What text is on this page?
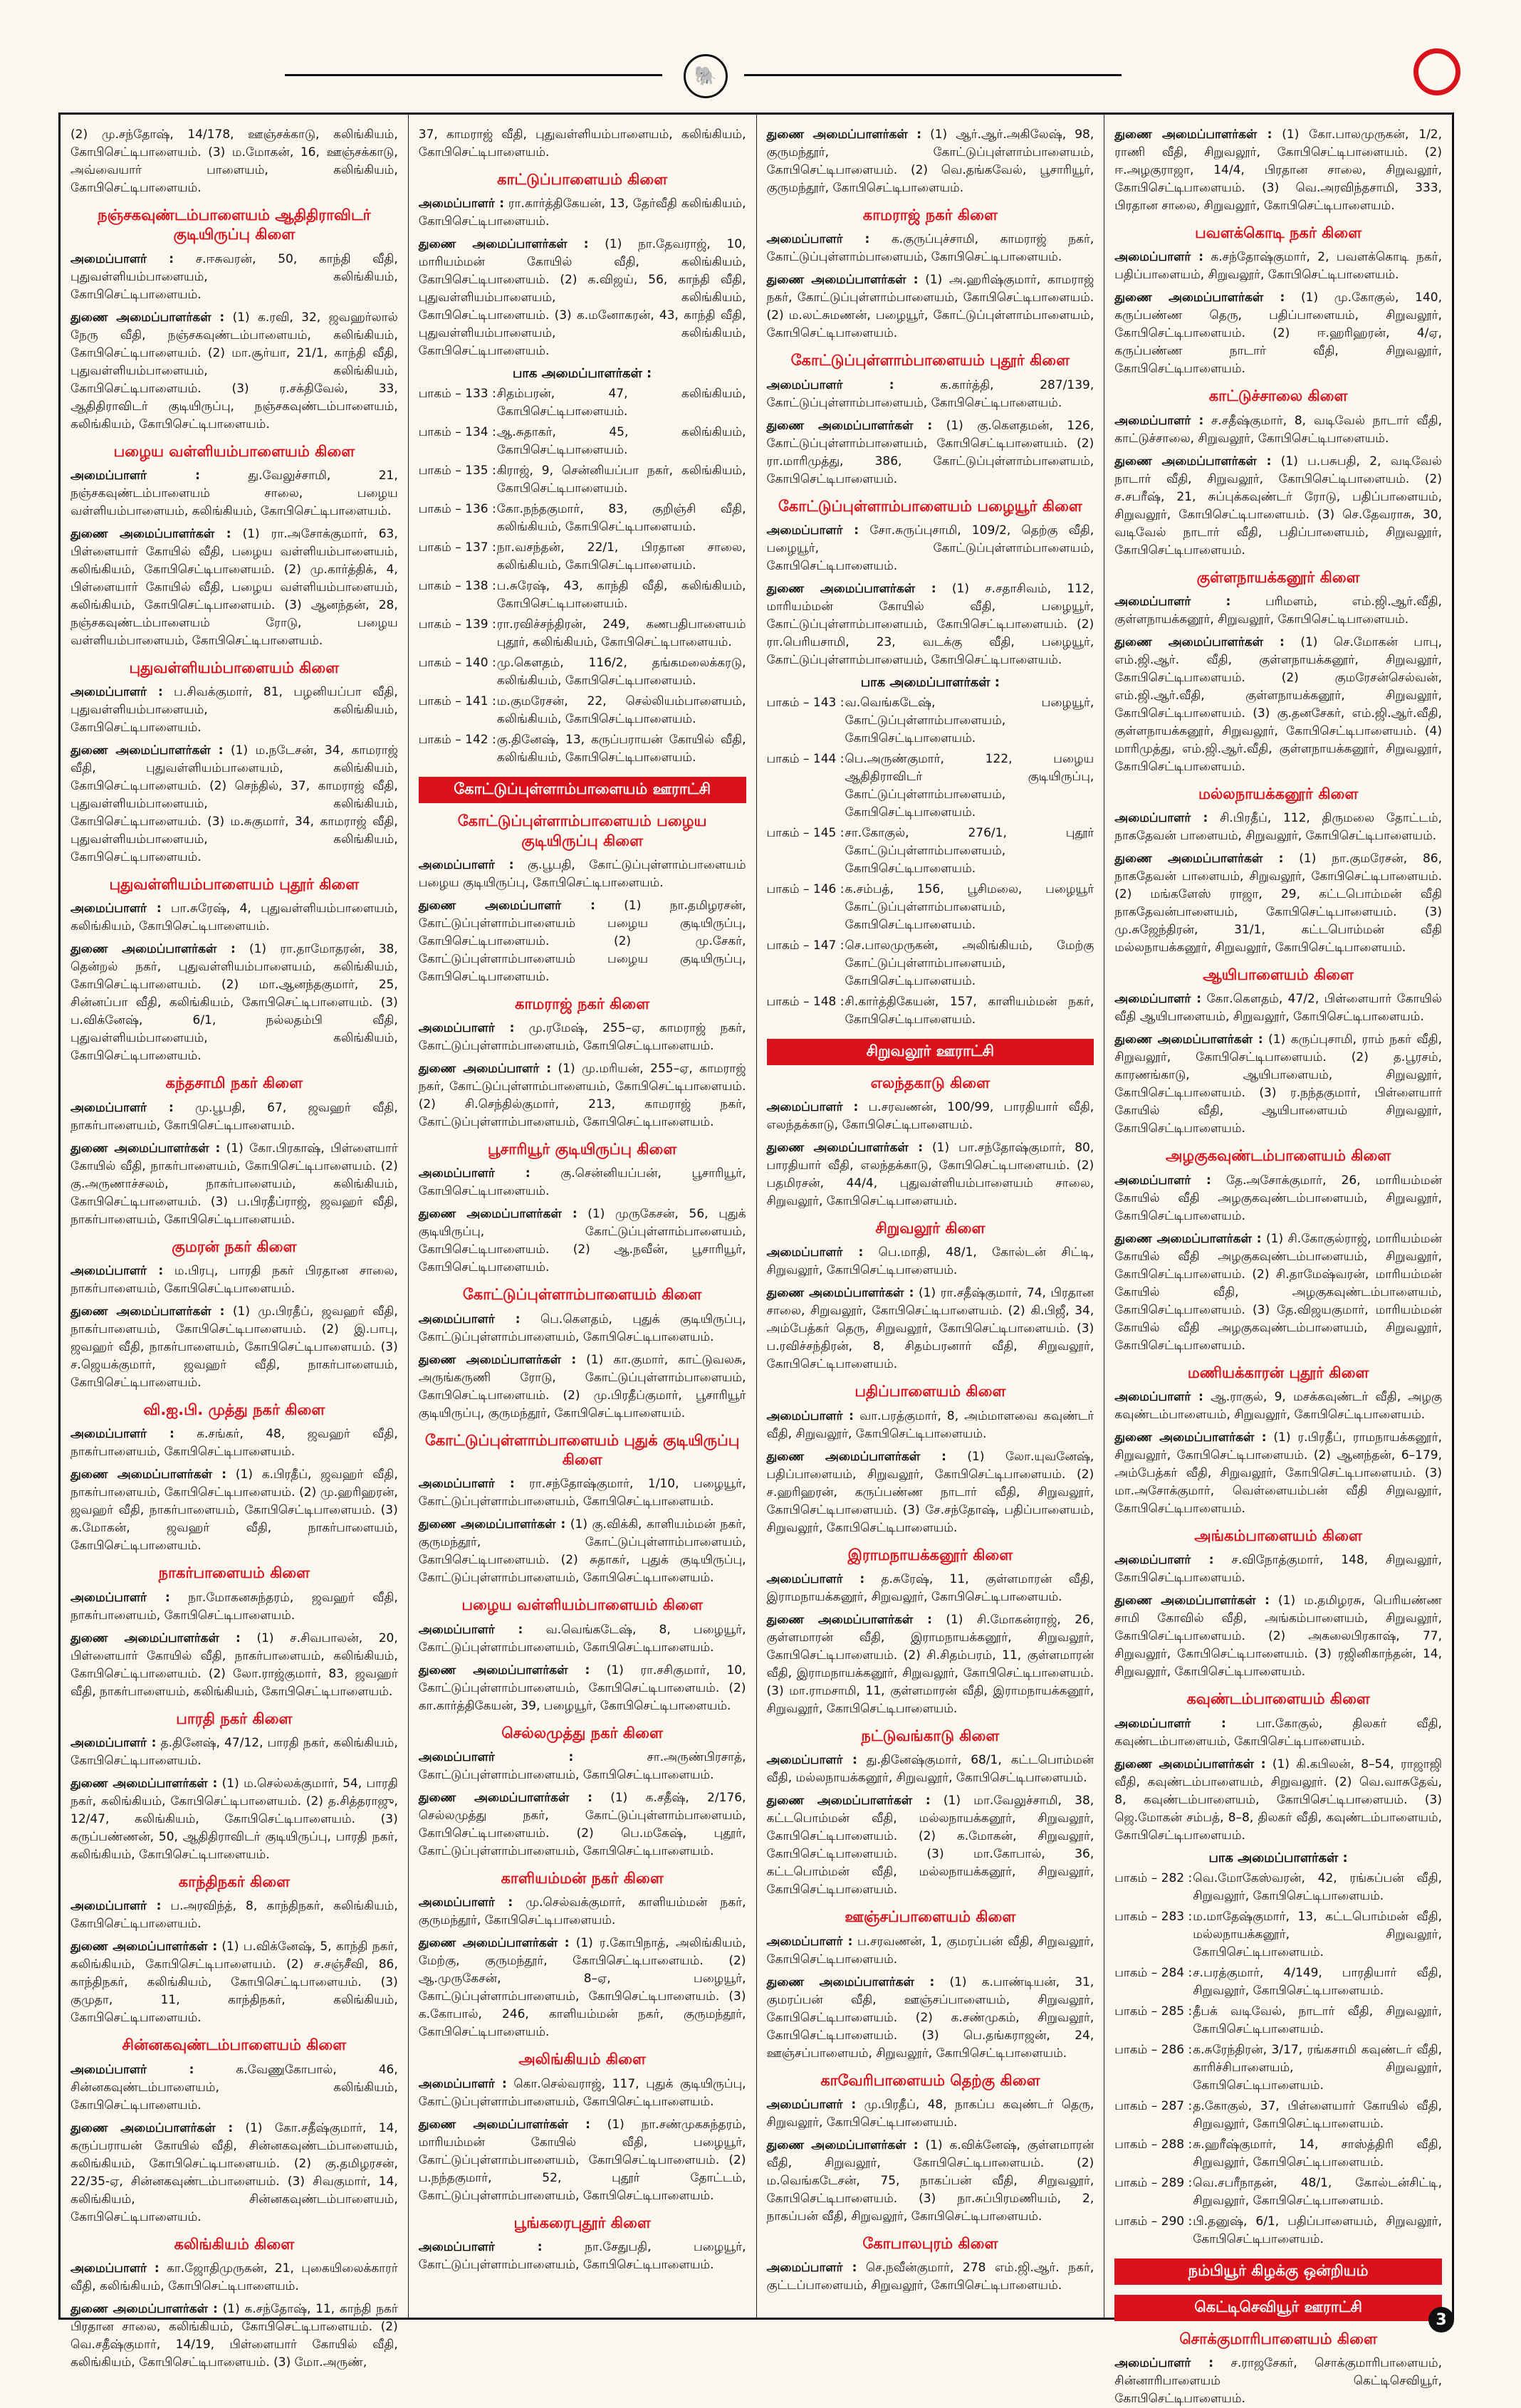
🐘
(2) மு.சந்தோஷ், 14/178, ஊஞ்சக்காடு, கலிங்கியம், கோபிசெட்டிபாளையம். (3) ம.மோகன், 16, ஊஞ்சக்காடு, அவ்வையார் பாளையம், கலிங்கியம், கோபிசெட்டிபாளையம்.
நஞ்சகவுண்டம்பாளையம் ஆதிதிராவிடர் குடியிருப்பு கிளை
அமைப்பாளர் : ச.ஈசுவரன், 50, காந்தி வீதி, புதுவள்ளியம்பாளையம், கலிங்கியம், கோபிசெட்டிபாளையம்.
துணை அமைப்பாளர்கள் : (1) க.ரவி, 32, ஜவஹர்லால் நேரு வீதி, நஞ்சகவுண்டம்பாளையம், கலிங்கியம், கோபிசெட்டிபாளையம். (2) மா.சூர்யா, 21/1, காந்தி வீதி, புதுவள்ளியம்பாளையம், கலிங்கியம், கோபிசெட்டிபாளையம். (3) ர.சக்திவேல், 33, ஆதிதிராவிடர் குடியிருப்பு, நஞ்சகவுண்டம்பாளையம், கலிங்கியம், கோபிசெட்டிபாளையம்.
பழைய வள்ளியம்பாளையம் கிளை
அமைப்பாளர் :	து.வேலுச்சாமி, 21, நஞ்சகவுண்டம்பாளையம் சாலை, பழைய வள்ளியம்பாளையம், கலிங்கியம், கோபிசெட்டிபாளையம்.
துணை அமைப்பாளர்கள் : (1) ரா.அசோக்குமார், 63, பிள்ளையார் கோயில் வீதி, பழைய வள்ளியம்பாளையம், கலிங்கியம், கோபிசெட்டிபாளையம். (2) மு.கார்த்திக், 4, பிள்ளையார் கோயில் வீதி, பழைய வள்ளியம்பாளையம், கலிங்கியம், கோபிசெட்டிபாளையம். (3) ஆனந்தன், 28, நஞ்சகவுண்டம்பாளையம் ரோடு, பழைய வள்ளியம்பாளையம், கோபிசெட்டிபாளையம்.
புதுவள்ளியம்பாளையம் கிளை
அமைப்பாளர் : ப.சிவக்குமார், 81, பழனியப்பா வீதி, புதுவள்ளியம்பாளையம், கலிங்கியம், கோபிசெட்டிபாளையம்.
துணை அமைப்பாளர்கள் : (1) ம.நடேசன், 34, காமராஜ் வீதி, புதுவள்ளியம்பாளையம், கலிங்கியம், கோபிசெட்டிபாளையம். (2) செந்தில், 37, காமராஜ் வீதி, புதுவள்ளியம்பாளையம், கலிங்கியம், கோபிசெட்டிபாளையம். (3) ம.சுகுமார், 34, காமராஜ் வீதி, புதுவள்ளியம்பாளையம், கலிங்கியம், கோபிசெட்டிபாளையம்.
புதுவள்ளியம்பாளையம் புதூர் கிளை
அமைப்பாளர் : பா.சுரேஷ், 4, புதுவள்ளியம்பாளையம், கலிங்கியம், கோபிசெட்டிபாளையம்.
துணை அமைப்பாளர்கள் : (1) ரா.தாமோதரன், 38, தென்றல் நகர், புதுவள்ளியம்பாளையம், கலிங்கியம், கோபிசெட்டிபாளையம். (2) மா.ஆனந்தகுமார், 25, சின்னப்பா வீதி, கலிங்கியம், கோபிசெட்டிபாளையம். (3) ப.விக்னேஷ், 6/1, நல்லதம்பி வீதி, புதுவள்ளியம்பாளையம், கலிங்கியம், கோபிசெட்டிபாளையம்.
கந்தசாமி நகர் கிளை
அமைப்பாளர் : மு.பூபதி, 67, ஜவஹர் வீதி, நாகர்பாளையம், கோபிசெட்டிபாளையம்.
துணை அமைப்பாளர்கள் : (1) கோ.பிரகாஷ், பிள்ளையார் கோயில் வீதி, நாகர்பாளையம், கோபிசெட்டிபாளையம். (2) கு.அருணாச்சலம், நாகர்பாளையம், கலிங்கியம், கோபிசெட்டிபாளையம். (3) ப.பிரதீப்ராஜ், ஜவஹர் வீதி, நாகர்பாளையம், கோபிசெட்டிபாளையம்.
குமரன் நகர் கிளை
அமைப்பாளர் : ம.பிரபு, பாரதி நகர் பிரதான சாலை, நாகர்பாளையம், கோபிசெட்டிபாளையம்.
துணை அமைப்பாளர்கள் : (1) மு.பிரதீப், ஜவஹர் வீதி, நாகர்பாளையம், கோபிசெட்டிபாளையம். (2) இ.பாபு, ஜவஹர் வீதி, நாகர்பாளையம், கோபிசெட்டிபாளையம். (3) ச.ஜெயக்குமார், ஜவஹர் வீதி, நாகர்பாளையம், கோபிசெட்டிபாளையம்.
வி.ஐ.பி. முத்து நகர் கிளை
அமைப்பாளர் : க.சங்கர், 48, ஜவஹர் வீதி, நாகர்பாளையம், கோபிசெட்டிபாளையம்.
துணை அமைப்பாளர்கள் : (1) க.பிரதீப், ஜவஹர் வீதி, நாகர்பாளையம், கோபிசெட்டிபாளையம். (2) மு.ஹரிஹரன், ஜவஹர் வீதி, நாகர்பாளையம், கோபிசெட்டிபாளையம். (3) க.மோகன், ஜவஹர் வீதி, நாகர்பாளையம், கோபிசெட்டிபாளையம்.
நாகர்பாளையம் கிளை
அமைப்பாளர் : நா.மோகனசுந்தரம், ஜவஹர் வீதி, நாகர்பாளையம், கோபிசெட்டிபாளையம்.
துணை அமைப்பாளர்கள் : (1) ச.சிவபாலன், 20, பிள்ளையார் கோயில் வீதி, நாகர்பாளையம், கலிங்கியம், கோபிசெட்டிபாளையம். (2) லோ.ராஜ்குமார், 83, ஜவஹர் வீதி, நாகர்பாளையம், கலிங்கியம், கோபிசெட்டிபாளையம்.
பாரதி நகர் கிளை
அமைப்பாளர் : த.தினேஷ், 47/12, பாரதி நகர், கலிங்கியம், கோபிசெட்டிபாளையம்.
துணை அமைப்பாளர்கள் : (1) ம.செல்லக்குமார், 54, பாரதி நகர், கலிங்கியம், கோபிசெட்டிபாளையம். (2) த.சித்தராஜு, 12/47, கலிங்கியம், கோபிசெட்டிபாளையம். (3) கருப்பண்ணன், 50, ஆதிதிராவிடர் குடியிருப்பு, பாரதி நகர், கலிங்கியம், கோபிசெட்டிபாளையம்.
காந்திநகர் கிளை
அமைப்பாளர் : ப.அரவிந்த், 8, காந்திநகர், கலிங்கியம், கோபிசெட்டிபாளையம்.
துணை அமைப்பாளர்கள் : (1) ப.விக்னேஷ், 5, காந்தி நகர், கலிங்கியம், கோபிசெட்டிபாளையம். (2) ச.சஞ்சீவி, 86, காந்திநகர், கலிங்கியம், கோபிசெட்டிபாளையம். (3) குமுதா, 11, காந்திநகர், கலிங்கியம், கோபிசெட்டிபாளையம்.
சின்னகவுண்டம்பாளையம் கிளை
அமைப்பாளர் :	க.வேணுகோபால், 46, சின்னகவுண்டம்பாளையம், கலிங்கியம், கோபிசெட்டிபாளையம்.
துணை அமைப்பாளர்கள் : (1) கோ.சதீஷ்குமார், 14, கருப்பராயன் கோயில் வீதி, சின்னகவுண்டம்பாளையம், கலிங்கியம், கோபிசெட்டிபாளையம். (2) கு.தமிழரசன், 22/35-ஏ, சின்னகவுண்டம்பாளையம். (3) சிவகுமார், 14, கலிங்கியம், சின்னகவுண்டம்பாளையம், கோபிசெட்டிபாளையம்.
கலிங்கியம் கிளை
அமைப்பாளர் : கா.ஜோதிமுருகன், 21, புகையிலைக்காரர் வீதி, கலிங்கியம், கோபிசெட்டிபாளையம்.
துணை அமைப்பாளர்கள் : (1) க.சந்தோஷ், 11, காந்தி நகர் பிரதான சாலை, கலிங்கியம், கோபிசெட்டிபாளையம். (2) வெ.சதீஷ்குமார், 14/19, பிள்ளையார் கோயில் வீதி, கலிங்கியம், கோபிசெட்டிபாளையம். (3) மோ.அருண்,
37, காமராஜ் வீதி, புதுவள்ளியம்பாளையம், கலிங்கியம், கோபிசெட்டிபாளையம்.
காட்டுப்பாளையம் கிளை
அமைப்பாளர் : ரா.கார்த்திகேயன், 13, தேர்வீதி கலிங்கியம், கோபிசெட்டிபாளையம்.
துணை அமைப்பாளர்கள் : (1) நா.தேவராஜ், 10, மாரியம்மன் கோயில் வீதி, கலிங்கியம், கோபிசெட்டிபாளையம். (2) க.விஜய், 56, காந்தி வீதி, புதுவள்ளியம்பாளையம், கலிங்கியம், கோபிசெட்டிபாளையம். (3) க.மனோகரன், 43, காந்தி வீதி, புதுவள்ளியம்பாளையம், கலிங்கியம், கோபிசெட்டிபாளையம்.
பாக அமைப்பாளர்கள் :
பாகம் – 133 : சிதம்பரன், 47, கலிங்கியம், கோபிசெட்டிபாளையம்.
பாகம் – 134 : ஆ.சுதாகர், 45, கலிங்கியம், கோபிசெட்டிபாளையம்.
பாகம் – 135 : கிராஜ், 9, சென்னியப்பா நகர், கலிங்கியம், கோபிசெட்டிபாளையம்.
பாகம் – 136 : கோ.நந்தகுமார், 83, குறிஞ்சி வீதி, கலிங்கியம், கோபிசெட்டிபாளையம்.
பாகம் – 137 : நா.வசந்தன், 22/1, பிரதான சாலை, கலிங்கியம், கோபிசெட்டிபாளையம்.
பாகம் – 138 : ப.சுரேஷ், 43, காந்தி வீதி, கலிங்கியம், கோபிசெட்டிபாளையம்.
பாகம் – 139 : ரா.ரவிச்சந்திரன், 249, கணபதிபாளையம் புதூர், கலிங்கியம், கோபிசெட்டிபாளையம்.
பாகம் – 140 : மு.கௌதம், 116/2, தங்கமலைக்கரடு, கலிங்கியம், கோபிசெட்டிபாளையம்.
பாகம் – 141 : ம.குமரேசன், 22, செல்லியம்பாளையம், கலிங்கியம், கோபிசெட்டிபாளையம்.
பாகம் – 142 : கு.தினேஷ், 13, கருப்பராயன் கோயில் வீதி, கலிங்கியம், கோபிசெட்டிபாளையம்.
கோட்டுப்புள்ளாம்பாளையம் ஊராட்சி
கோட்டுப்புள்ளாம்பாளையம் பழைய குடியிருப்பு கிளை
அமைப்பாளர் : கு.பூபதி, கோட்டுப்புள்ளாம்பாளையம் பழைய குடியிருப்பு, கோபிசெட்டிபாளையம்.
துணை அமைப்பாளர் : (1) நா.தமிழரசன், கோட்டுப்புள்ளாம்பாளையம் பழைய குடியிருப்பு, கோபிசெட்டிபாளையம். (2) மு.சேகர், கோட்டுப்புள்ளாம்பாளையம் பழைய குடியிருப்பு, கோபிசெட்டிபாளையம்.
காமராஜ் நகர் கிளை
அமைப்பாளர் : மு.ரமேஷ், 255–ஏ, காமராஜ் நகர், கோட்டுப்புள்ளாம்பாளையம், கோபிசெட்டிபாளையம்.
துணை அமைப்பாளர் : (1) மு.மரியன், 255–ஏ, காமராஜ் நகர், கோட்டுப்புள்ளாம்பாளையம், கோபிசெட்டிபாளையம். (2) சி.செந்தில்குமார், 213, காமராஜ் நகர், கோட்டுப்புள்ளாம்பாளையம், கோபிசெட்டிபாளையம்.
பூசாரியூர் குடியிருப்பு கிளை
அமைப்பாளர் :	கு.சென்னியப்பன், பூசாரியூர், கோபிசெட்டிபாளையம்.
துணை அமைப்பாளர்கள் : (1) முருகேசன், 56, புதுக் குடியிருப்பு, கோட்டுப்புள்ளாம்பாளையம், கோபிசெட்டிபாளையம். (2) ஆ.நவீன், பூசாரியூர், கோபிசெட்டிபாளையம்.
கோட்டுப்புள்ளாம்பாளையம் கிளை
அமைப்பாளர் : பெ.கௌதம், புதுக் குடியிருப்பு, கோட்டுப்புள்ளாம்பாளையம், கோபிசெட்டிபாளையம்.
துணை அமைப்பாளர்கள் : (1) கா.குமார், காட்டுவலசு, அருங்கருணி ரோடு, கோட்டுப்புள்ளாம்பாளையம், கோபிசெட்டிபாளையம். (2) மு.பிரதீப்குமார், பூசாரியூர் குடியிருப்பு, குருமந்தூர், கோபிசெட்டிபாளையம்.
கோட்டுப்புள்ளாம்பாளையம் புதுக் குடியிருப்பு கிளை
அமைப்பாளர் : ரா.சந்தோஷ்குமார், 1/10, பழையூர், கோட்டுப்புள்ளாம்பாளையம், கோபிசெட்டிபாளையம்.
துணை அமைப்பாளர்கள் : (1) கு.விக்கி, காளியம்மன் நகர், குருமந்தூர், கோட்டுப்புள்ளாம்பாளையம், கோபிசெட்டிபாளையம். (2) சுதாகர், புதுக் குடியிருப்பு, கோட்டுப்புள்ளாம்பாளையம், கோபிசெட்டிபாளையம்.
பழைய வள்ளியம்பாளையம் கிளை
அமைப்பாளர் : வ.வெங்கடேஷ், 8, பழையூர், கோட்டுப்புள்ளாம்பாளையம், கோபிசெட்டிபாளையம்.
துணை அமைப்பாளர்கள் : (1) ரா.சசிகுமார், 10, கோட்டுப்புள்ளாம்பாளையம், கோபிசெட்டிபாளையம். (2) கா.கார்த்திகேயன், 39, பழையூர், கோபிசெட்டிபாளையம்.
செல்லமுத்து நகர் கிளை
அமைப்பாளர் :	சா.அருண்பிரசாத், கோட்டுப்புள்ளாம்பாளையம், கோபிசெட்டிபாளையம்.
துணை அமைப்பாளர்கள் : (1) க.சதீஷ், 2/176, செல்லமுத்து நகர், கோட்டுப்புள்ளாம்பாளையம், கோபிசெட்டிபாளையம். (2) பெ.மகேஷ், புதூர், கோட்டுப்புள்ளாம்பாளையம், கோபிசெட்டிபாளையம்.
காளியம்மன் நகர் கிளை
அமைப்பாளர் : மு.செல்வக்குமார், காளியம்மன் நகர், குருமந்தூர், கோபிசெட்டிபாளையம்.
துணை அமைப்பாளர்கள் : (1) ர.கோபிநாத், அலிங்கியம், மேற்கு, குருமந்தூர், கோபிசெட்டிபாளையம். (2) ஆ.முருகேசன், 8–ஏ, பழையூர், கோட்டுப்புள்ளாம்பாளையம், கோபிசெட்டிபாளையம். (3) க.கோபால், 246, காளியம்மன் நகர், குருமந்தூர், கோபிசெட்டிபாளையம்.
அலிங்கியம் கிளை
அமைப்பாளர் : கொ.செல்வராஜ், 117, புதுக் குடியிருப்பு, கோட்டுப்புள்ளாம்பாளையம், கோபிசெட்டிபாளையம்.
துணை அமைப்பாளர்கள் : (1) நா.சண்முகசுந்தரம், மாரியம்மன் கோயில் வீதி, பழையூர், கோட்டுப்புள்ளாம்பாளையம், கோபிசெட்டிபாளையம். (2) ப.நந்தகுமார், 52, புதூர் தோட்டம், கோட்டுப்புள்ளாம்பாளையம், கோபிசெட்டிபாளையம்.
பூங்கரைபுதூர் கிளை
அமைப்பாளர் :	நா.சேதுபதி, பழையூர், கோட்டுப்புள்ளாம்பாளையம், கோபிசெட்டிபாளையம்.
துணை அமைப்பாளர்கள் : (1) ஆர்.ஆர்.அகிலேஷ், 98, குருமந்தூர், கோட்டுப்புள்ளாம்பாளையம், கோபிசெட்டிபாளையம். (2) வெ.தங்கவேல், பூசாரியூர், குருமந்தூர், கோபிசெட்டிபாளையம்.
காமராஜ் நகர் கிளை
அமைப்பாளர் : க.குருப்புச்சாமி, காமராஜ் நகர், கோட்டுப்புள்ளாம்பாளையம், கோபிசெட்டிபாளையம்.
துணை அமைப்பாளர்கள் : (1) அ.ஹரிஷ்குமார், காமராஜ் நகர், கோட்டுப்புள்ளாம்பாளையம், கோபிசெட்டிபாளையம். (2) ம.லட்சுமணன், பழையூர், கோட்டுப்புள்ளாம்பாளையம், கோபிசெட்டிபாளையம்.
கோட்டுப்புள்ளாம்பாளையம் புதூர் கிளை
அமைப்பாளர் :	க.கார்த்தி, 287/139, கோட்டுப்புள்ளாம்பாளையம், கோபிசெட்டிபாளையம்.
துணை அமைப்பாளர்கள் : (1) கு.கௌதமன், 126, கோட்டுப்புள்ளாம்பாளையம், கோபிசெட்டிபாளையம். (2) ரா.மாரிமுத்து, 386, கோட்டுப்புள்ளாம்பாளையம், கோபிசெட்டிபாளையம்.
கோட்டுப்புள்ளாம்பாளையம் பழையூர் கிளை
அமைப்பாளர் : சோ.சுருப்புசாமி, 109/2, தெற்கு வீதி, பழையூர், கோட்டுப்புள்ளாம்பாளையம், கோபிசெட்டிபாளையம்.
துணை அமைப்பாளர்கள் : (1) ச.சதாசிவம், 112, மாரியம்மன் கோயில் வீதி, பழையூர், கோட்டுப்புள்ளாம்பாளையம், கோபிசெட்டிபாளையம். (2) ரா.பெரியசாமி, 23, வடக்கு வீதி, பழையூர், கோட்டுப்புள்ளாம்பாளையம், கோபிசெட்டிபாளையம்.
பாக அமைப்பாளர்கள் :
பாகம் – 143 : வ.வெங்கடேஷ், பழையூர், கோட்டுப்புள்ளாம்பாளையம், கோபிசெட்டிபாளையம்.
பாகம் – 144 : பெ.அருண்குமார், 122, பழைய ஆதிதிராவிடர் குடியிருப்பு, கோட்டுப்புள்ளாம்பாளையம், கோபிசெட்டிபாளையம்.
பாகம் – 145 : சா.கோகுல், 276/1, புதூர் கோட்டுப்புள்ளாம்பாளையம், கோபிசெட்டிபாளையம்.
பாகம் – 146 : க.சம்பத், 156, பூசிமலை, பழையூர் கோட்டுப்புள்ளாம்பாளையம், கோபிசெட்டிபாளையம்.
பாகம் – 147 : செ.பாலமுருகன், அலிங்கியம், மேற்கு கோட்டுப்புள்ளாம்பாளையம், கோபிசெட்டிபாளையம்.
பாகம் – 148 : சி.கார்த்திகேயன், 157, காளியம்மன் நகர், கோபிசெட்டிபாளையம்.
சிறுவலூர் ஊராட்சி
எலந்தகாடு கிளை
அமைப்பாளர் : ப.சரவணன், 100/99, பாரதியார் வீதி, எலந்தக்காடு, கோபிசெட்டிபாளையம்.
துணை அமைப்பாளர்கள் : (1) பா.சந்தோஷ்குமார், 80, பாரதியார் வீதி, எலந்தக்காடு, கோபிசெட்டிபாளையம். (2) பதமிரசன், 44/4, புதுவள்ளியம்பாளையம் சாலை, சிறுவலூர், கோபிசெட்டிபாளையம்.
சிறுவலூர் கிளை
அமைப்பாளர் : பெ.மாதி, 48/1, கோல்டன் சிட்டி, சிறுவலூர், கோபிசெட்டிபாளையம்.
துணை அமைப்பாளர்கள் : (1) ரா.சதீஷ்குமார், 74, பிரதான சாலை, சிறுவலூர், கோபிசெட்டிபாளையம். (2) கி.பிஜீ, 34, அம்பேத்கர் தெரு, சிறுவலூர், கோபிசெட்டிபாளையம். (3) ப.ரவிச்சந்திரன், 8, சிதம்பரனார் வீதி, சிறுவலூர், கோபிசெட்டிபாளையம்.
பதிப்பாளையம் கிளை
அமைப்பாளர் : வா.பரத்குமார், 8, அம்மாளவை கவுண்டர் வீதி, சிறுவலூர், கோபிசெட்டிபாளையம்.
துணை அமைப்பாளர்கள் : (1) லோ.யுவனேஷ், பதிப்பாளையம், சிறுவலூர், கோபிசெட்டிபாளையம். (2) ச.ஹரிஹரன், கருப்பண்ண நாடார் வீதி, சிறுவலூர், கோபிசெட்டிபாளையம். (3) சே.சந்தோஷ், பதிப்பாளையம், சிறுவலூர், கோபிசெட்டிபாளையம்.
இராமநாயக்கனூர் கிளை
அமைப்பாளர் : த.சுரேஷ், 11, குள்ளமாரன் வீதி, இராமநாயக்கனூர், சிறுவலூர், கோபிசெட்டிபாளையம்.
துணை அமைப்பாளர்கள் : (1) சி.மோகன்ராஜ், 26, குள்ளமாரன் வீதி, இராமநாயக்கனூர், சிறுவலூர், கோபிசெட்டிபாளையம். (2) சி.சிதம்பரம், 11, குள்ளமாரன் வீதி, இராமநாயக்கனூர், சிறுவலூர், கோபிசெட்டிபாளையம். (3) மா.ராமசாமி, 11, குள்ளமாரன் வீதி, இராமநாயக்கனூர், சிறுவலூர், கோபிசெட்டிபாளையம்.
நட்டுவங்காடு கிளை
அமைப்பாளர் : து.தினேஷ்குமார், 68/1, கட்டபொம்மன் வீதி, மல்லநாயக்கனூர், சிறுவலூர், கோபிசெட்டிபாளையம்.
துணை அமைப்பாளர்கள் : (1) மா.வேலுச்சாமி, 38, கட்டபொம்மன் வீதி, மல்லநாயக்கனூர், சிறுவலூர், கோபிசெட்டிபாளையம். (2) க.மோகன், சிறுவலூர், கோபிசெட்டிபாளையம். (3) மா.கோபால், 36, கட்டபொம்மன் வீதி, மல்லநாயக்கனூர், சிறுவலூர், கோபிசெட்டிபாளையம்.
ஊஞ்சப்பாளையம் கிளை
அமைப்பாளர் : ப.சரவணன், 1, குமரப்பன் வீதி, சிறுவலூர், கோபிசெட்டிபாளையம்.
துணை அமைப்பாளர்கள் : (1) க.பாண்டியன், 31, குமரப்பன் வீதி, ஊஞ்சப்பாளையம், சிறுவலூர், கோபிசெட்டிபாளையம். (2) க.சண்முகம், சிறுவலூர், கோபிசெட்டிபாளையம். (3) பெ.தங்கராஜன், 24, ஊஞ்சப்பாளையம், சிறுவலூர், கோபிசெட்டிபாளையம்.
காவேரிபாளையம் தெற்கு கிளை
அமைப்பாளர் : மு.பிரதீப், 48, நாகப்ப கவுண்டர் தெரு, சிறுவலூர், கோபிசெட்டிபாளையம்.
துணை அமைப்பாளர்கள் : (1) க.விக்னேஷ், குள்ளமாரன் வீதி, சிறுவலூர், கோபிசெட்டிபாளையம். (2) ம.வெங்கடேசன், 75, நாகப்பன் வீதி, சிறுவலூர், கோபிசெட்டிபாளையம். (3) நா.சுப்பிரமணியம், 2, நாகப்பன் வீதி, சிறுவலூர், கோபிசெட்டிபாளையம்.
கோபாலபுரம் கிளை
அமைப்பாளர் : செ.நவீன்குமார், 278 எம்.ஜி.ஆர். நகர், குட்டப்பாளையம், சிறுவலூர், கோபிசெட்டிபாளையம்.
துணை அமைப்பாளர்கள் : (1) கோ.பாலமுருகன், 1/2, ராணி வீதி, சிறுவலூர், கோபிசெட்டிபாளையம். (2) ஈ.அழகுராஜா, 14/4, பிரதான சாலை, சிறுவலூர், கோபிசெட்டிபாளையம். (3) வெ.அரவிந்தசாமி, 333, பிரதான சாலை, சிறுவலூர், கோபிசெட்டிபாளையம்.
பவளக்கொடி நகர் கிளை
அமைப்பாளர் : க.சந்தோஷ்குமார், 2, பவளக்கொடி நகர், பதிப்பாளையம், சிறுவலூர், கோபிசெட்டிபாளையம்.
துணை அமைப்பாளர்கள் : (1) மு.கோகுல், 140, கருப்பண்ண தெரு, பதிப்பாளையம், சிறுவலூர், கோபிசெட்டிபாளையம். (2) ஈ.ஹரிஹரன், 4/ஏ, கருப்பண்ண நாடார் வீதி, சிறுவலூர், கோபிசெட்டிபாளையம்.
காட்டுச்சாலை கிளை
அமைப்பாளர் : ச.சதீஷ்குமார், 8, வடிவேல் நாடார் வீதி, காட்டுச்சாலை, சிறுவலூர், கோபிசெட்டிபாளையம்.
துணை அமைப்பாளர்கள் : (1) ப.பசுபதி, 2, வடிவேல் நாடார் வீதி, சிறுவலூர், கோபிசெட்டிபாளையம். (2) ச.சபரீஷ், 21, சுப்புக்கவுண்டர் ரோடு, பதிப்பாளையம், சிறுவலூர், கோபிசெட்டிபாளையம். (3) செ.தேவராசு, 30, வடிவேல் நாடார் வீதி, பதிப்பாளையம், சிறுவலூர், கோபிசெட்டிபாளையம்.
குள்ளநாயக்கனூர் கிளை
அமைப்பாளர் :	பரிமளம், எம்.ஜி.ஆர்.வீதி, குள்ளநாயக்கனூர், சிறுவலூர், கோபிசெட்டிபாளையம்.
துணை அமைப்பாளர்கள் : (1) செ.மோகன் பாபு, எம்.ஜி.ஆர். வீதி, குள்ளநாயக்கனூர், சிறுவலூர், கோபிசெட்டிபாளையம். (2) குமரேசன்செல்வன், எம்.ஜி.ஆர்.வீதி, குள்ளநாயக்கனூர், சிறுவலூர், கோபிசெட்டிபாளையம். (3) கு.தனசேகர், எம்.ஜி.ஆர்.வீதி, குள்ளநாயக்கனூர், சிறுவலூர், கோபிசெட்டிபாளையம். (4) மாரிமுத்து, எம்.ஜி.ஆர்.வீதி, குள்ளநாயக்கனூர், சிறுவலூர், கோபிசெட்டிபாளையம்.
மல்லநாயக்கனூர் கிளை
அமைப்பாளர் : சி.பிரதீப், 112, திருமலை தோட்டம், நாகதேவன் பாளையம், சிறுவலூர், கோபிசெட்டிபாளையம்.
துணை அமைப்பாளர்கள் : (1) நா.குமரேசன், 86, நாகதேவன் பாளையம், சிறுவலூர், கோபிசெட்டிபாளையம். (2) மங்களேஸ் ராஜா, 29, கட்டபொம்மன் வீதி நாகதேவன்பாளையம், கோபிசெட்டிபாளையம். (3) மு.சுஜேந்திரன், 31/1, கட்டபொம்மன் வீதி மல்லநாயக்கனூர், சிறுவலூர், கோபிசெட்டிபாளையம்.
ஆயிபாளையம் கிளை
அமைப்பாளர் : கோ.கௌதம், 47/2, பிள்ளையார் கோயில் வீதி ஆயிபாளையம், சிறுவலூர், கோபிசெட்டிபாளையம்.
துணை அமைப்பாளர்கள் : (1) கருப்புசாமி, ராம் நகர் வீதி, சிறுவலூர், கோபிசெட்டிபாளையம். (2) த.பூரசம், காரணங்காடு, ஆயிபாளையம், சிறுவலூர், கோபிசெட்டிபாளையம். (3) ர.நந்தகுமார், பிள்ளையார் கோயில் வீதி, ஆயிபாளையம் சிறுவலூர், கோபிசெட்டிபாளையம்.
அழகுகவுண்டம்பாளையம் கிளை
அமைப்பாளர் : தே.அசோக்குமார், 26, மாரியம்மன் கோயில் வீதி அழகுகவுண்டம்பாளையம், சிறுவலூர், கோபிசெட்டிபாளையம்.
துணை அமைப்பாளர்கள் : (1) சி.கோகுல்ராஜ், மாரியம்மன் கோயில் வீதி அழகுகவுண்டம்பாளையம், சிறுவலூர், கோபிசெட்டிபாளையம். (2) சி.தாமேஷ்வரன், மாரியம்மன் கோயில் வீதி, அழகுகவுண்டம்பாளையம், கோபிசெட்டிபாளையம். (3) தே.விஜயகுமார், மாரியம்மன் கோயில் வீதி அழகுகவுண்டம்பாளையம், சிறுவலூர், கோபிசெட்டிபாளையம்.
மணியக்காரன் புதூர் கிளை
அமைப்பாளர் : ஆ.ராகுல், 9, மசக்கவுண்டர் வீதி, அழகு கவுண்டம்பாளையம், சிறுவலூர், கோபிசெட்டிபாளையம்.
துணை அமைப்பாளர்கள் : (1) ர.பிரதீப், ராமநாயக்கனூர், சிறுவலூர், கோபிசெட்டிபாளையம். (2) ஆனந்தன், 6–179, அம்பேத்கர் வீதி, சிறுவலூர், கோபிசெட்டிபாளையம். (3) மா.அசோக்குமார், வெள்ளையம்பன் வீதி சிறுவலூர், கோபிசெட்டிபாளையம்.
அங்கம்பாளையம் கிளை
அமைப்பாளர் : ச.விநோத்குமார், 148, சிறுவலூர், கோபிசெட்டிபாளையம்.
துணை அமைப்பாளர்கள் : (1) ம.தமிழரசு, பெரியண்ண சாமி கோவில் வீதி, அங்கம்பாளையம், சிறுவலூர், கோபிசெட்டிபாளையம். (2) அகலைபிரகாஷ், 77, சிறுவலூர், கோபிசெட்டிபாளையம். (3) ரஜினிகாந்தன், 14, சிறுவலூர், கோபிசெட்டிபாளையம்.
கவுண்டம்பாளையம் கிளை
அமைப்பாளர் : பா.கோகுல், திலகர் வீதி, கவுண்டம்பாளையம், கோபிசெட்டிபாளையம்.
துணை அமைப்பாளர்கள் : (1) கி.கபிலன், 8–54, ராஜாஜி வீதி, கவுண்டம்பாளையம், சிறுவலூர். (2) வெ.வாசுதேவ், 8, கவுண்டம்பாளையம், கோபிசெட்டிபாளையம். (3) ஜெ.மோகன் சம்பத், 8–8, திலகர் வீதி, கவுண்டம்பாளையம், கோபிசெட்டிபாளையம்.
பாக அமைப்பாளர்கள் :
பாகம் – 282 : வெ.மோகேஸ்வரன், 42, ரங்கப்பன் வீதி, சிறுவலூர், கோபிசெட்டிபாளையம்.
பாகம் – 283 : ம.மாதேஷ்குமார், 13, கட்டபொம்மன் வீதி, மல்லநாயக்கனூர், சிறுவலூர், கோபிசெட்டிபாளையம்.
பாகம் – 284 : ச.பரத்குமார், 4/149, பாரதியார் வீதி, சிறுவலூர், கோபிசெட்டிபாளையம்.
பாகம் – 285 : தீபக் வடிவேல், நாடார் வீதி, சிறுவலூர், கோபிசெட்டிபாளையம்.
பாகம் – 286 : க.சுரேந்திரன், 3/17, ரங்கசாமி கவுண்டர் வீதி, காரிச்சிபாளையம், சிறுவலூர், கோபிசெட்டிபாளையம்.
பாகம் – 287 : த.கோகுல், 37, பிள்ளையார் கோயில் வீதி, சிறுவலூர், கோபிசெட்டிபாளையம்.
பாகம் – 288 : சு.ஹரீஷ்குமார், 14, சாஸ்த்திரி வீதி, சிறுவலூர், கோபிசெட்டிபாளையம்.
பாகம் – 289 : வெ.சபரீநாதன், 48/1, கோல்டன்சிட்டி, சிறுவலூர், கோபிசெட்டிபாளையம்.
பாகம் – 290 : பி.தனுஷ், 6/1, பதிப்பாளையம், சிறுவலூர், கோபிசெட்டிபாளையம்.
நம்பியூர் கிழக்கு ஒன்றியம்
கெட்டிசெவியூர் ஊராட்சி
சொக்குமாரிபாளையம் கிளை
அமைப்பாளர் : ச.ராஜசேகர், சொக்குமாரிபாளையம், சின்னாரிபாளையம் கெட்டிசெவியூர், கோபிசெட்டிபாளையம்.
3
